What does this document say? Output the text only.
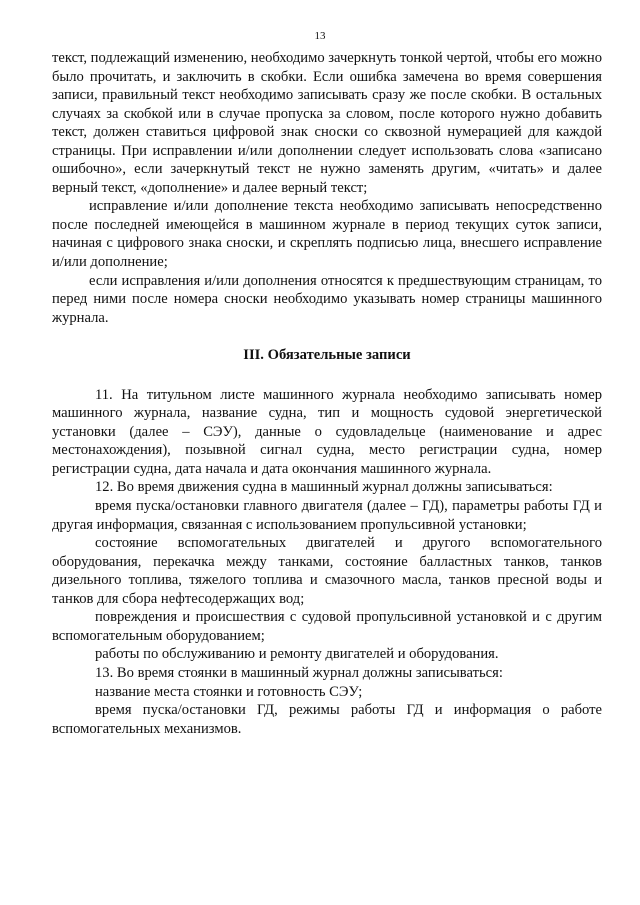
13

текст, подлежащий изменению, необходимо зачеркнуть тонкой чертой, чтобы его можно было прочитать, и заключить в скобки. Если ошибка замечена во время совершения записи, правильный текст необходимо записывать сразу же после скобки. В остальных случаях за скобкой или в случае пропуска за словом, после которого нужно добавить текст, должен ставиться цифровой знак сноски со сквозной нумерацией для каждой страницы. При исправлении и/или дополнении следует использовать слова «записано ошибочно», если зачеркнутый текст не нужно заменять другим, «читать» и далее верный текст, «дополнение» и далее верный текст;

исправление и/или дополнение текста необходимо записывать непосредственно после последней имеющейся в машинном журнале в период текущих суток записи, начиная с цифрового знака сноски, и скреплять подписью лица, внесшего исправление и/или дополнение;

если исправления и/или дополнения относятся к предшествующим страницам, то перед ними после номера сноски необходимо указывать номер страницы машинного журнала.

III. Обязательные записи

11. На титульном листе машинного журнала необходимо записывать номер машинного журнала, название судна, тип и мощность судовой энергетической установки (далее – СЭУ), данные о судовладельце (наименование и адрес местонахождения), позывной сигнал судна, место регистрации судна, номер регистрации судна, дата начала и дата окончания машинного журнала.

12. Во время движения судна в машинный журнал должны записываться:

время пуска/остановки главного двигателя (далее – ГД), параметры работы ГД и другая информация, связанная с использованием пропульсивной установки;

состояние вспомогательных двигателей и другого вспомогательного оборудования, перекачка между танками, состояние балластных танков, танков дизельного топлива, тяжелого топлива и смазочного масла, танков пресной воды и танков для сбора нефтесодержащих вод;

повреждения и происшествия с судовой пропульсивной установкой и с другим вспомогательным оборудованием;

работы по обслуживанию и ремонту двигателей и оборудования.

13. Во время стоянки в машинный журнал должны записываться:

название места стоянки и готовность СЭУ;

время пуска/остановки ГД, режимы работы ГД и информация о работе вспомогательных механизмов.
